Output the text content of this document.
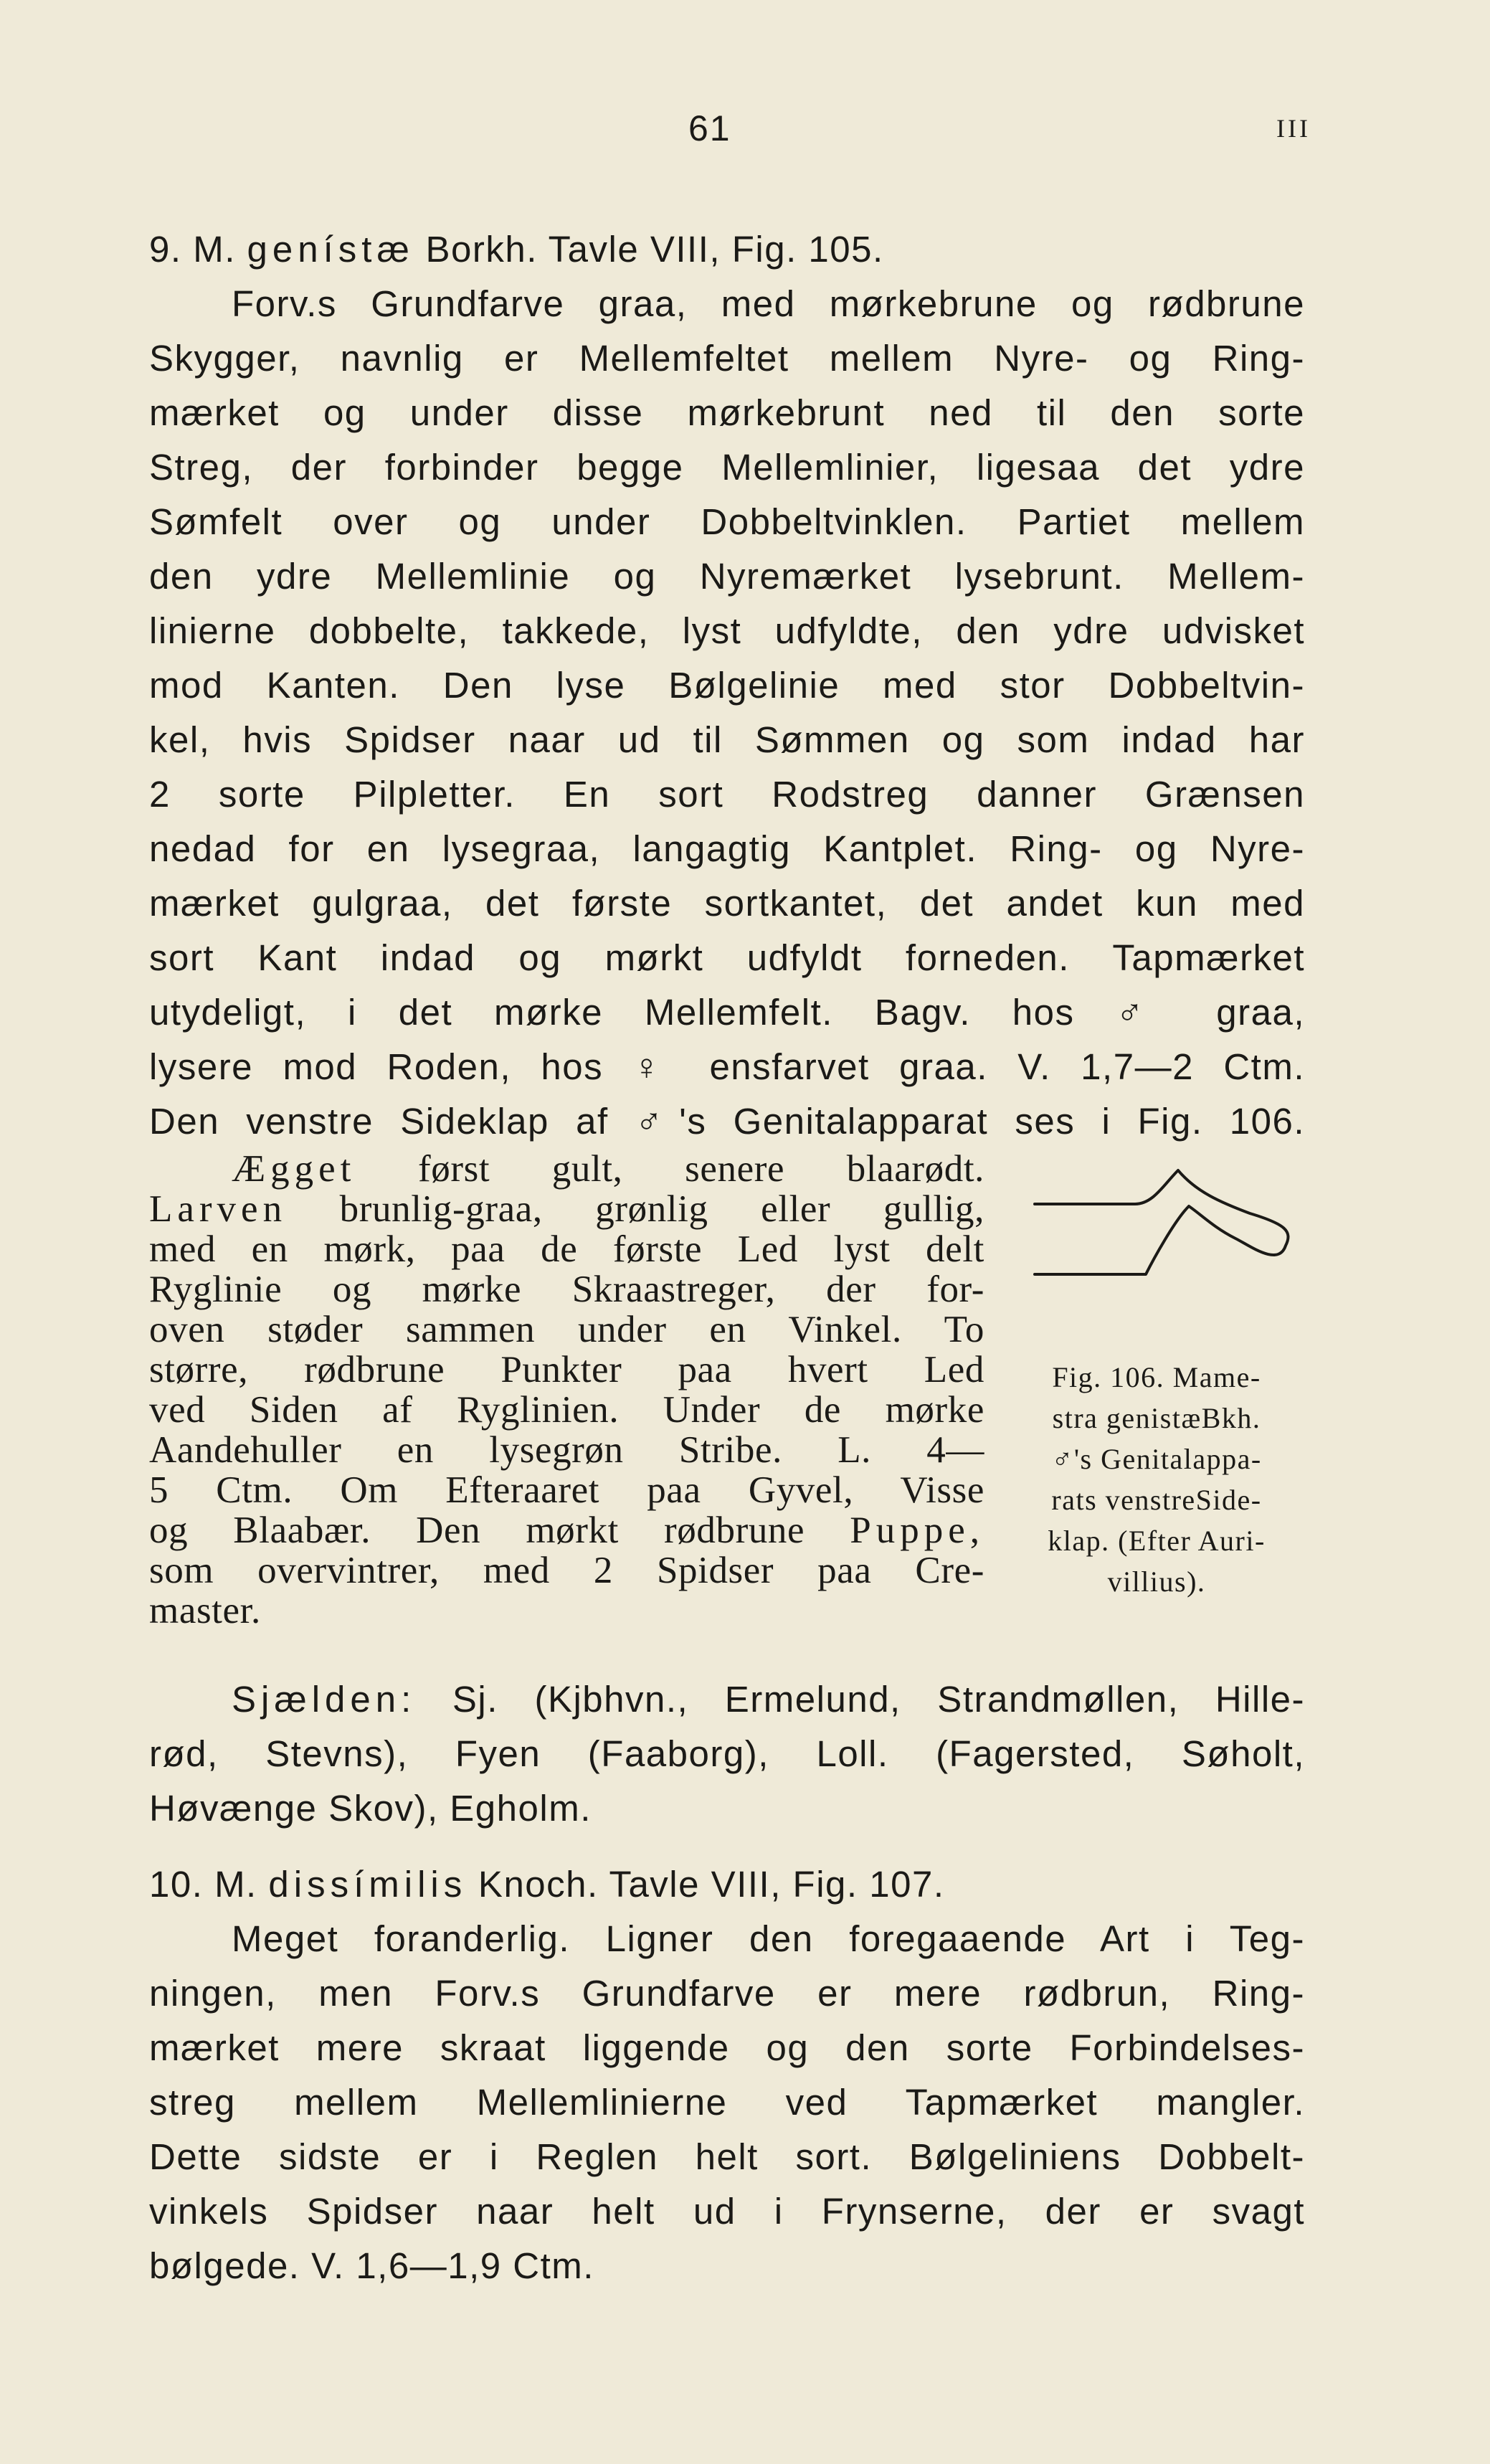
61	III

9. M. genístæ Borkh. Tavle VIII, Fig. 105.

Forv.s Grundfarve graa, med mørkebrune og rødbrune

Skygger, navnlig er Mellemfeltet mellem Nyre- og Ring-

mærket og under disse mørkebrunt ned til den sorte

Streg, der forbinder begge Mellemlinier, ligesaa det ydre

Sømfelt over og under Dobbeltvinklen. Partiet mellem

den ydre Mellemlinie og Nyremærket lysebrunt. Mellem-

linierne dobbelte, takkede, lyst udfyldte, den ydre udvisket

mod Kanten. Den lyse Bølgelinie med stor Dobbeltvin-

kel, hvis Spidser naar ud til Sømmen og som indad har

2 sorte Pilpletter. En sort Rodstreg danner Grænsen

nedad for en lysegraa, langagtig Kantplet. Ring- og Nyre-

mærket gulgraa, det første sortkantet, det andet kun med

sort Kant indad og mørkt udfyldt forneden. Tapmærket

utydeligt, i det mørke Mellemfelt. Bagv. hos ♂ graa,

lysere mod Roden, hos ♀ ensfarvet graa. V. 1,7—2 Ctm.

Den venstre Sideklap af ♂'s Genitalapparat ses i Fig. 106.

Ægget først gult, senere blaarødt.
Larven brunlig-graa, grønlig eller gullig,
med en mørk, paa de første Led lyst delt
Ryglinie og mørke Skraastreger, der for-
oven støder sammen under en Vinkel. To
større, rødbrune Punkter paa hvert Led
ved Siden af Ryglinien. Under de mørke
Aandehuller en lysegrøn Stribe. L. 4—
5 Ctm. Om Efteraaret paa Gyvel, Visse
og Blaabær. Den mørkt rødbrune Puppe,
som overvintrer, med 2 Spidser paa Cre-
master.
Fig. 106. Mame-
stra genistæBkh.
♂'s Genitalappa-
rats venstreSide-
klap. (Efter Auri-
villius).

Sjælden: Sj. (Kjbhvn., Ermelund, Strandmøllen, Hille-

rød, Stevns), Fyen (Faaborg), Loll. (Fagersted, Søholt,

Høvænge Skov), Egholm.

10. M. dissímilis Knoch. Tavle VIII, Fig. 107.

Meget foranderlig. Ligner den foregaaende Art i Teg-

ningen, men Forv.s Grundfarve er mere rødbrun, Ring-

mærket mere skraat liggende og den sorte Forbindelses-

streg mellem Mellemlinierne ved Tapmærket mangler.

Dette sidste er i Reglen helt sort. Bølgeliniens Dobbelt-

vinkels Spidser naar helt ud i Frynserne, der er svagt

bølgede. V. 1,6—1,9 Ctm.
